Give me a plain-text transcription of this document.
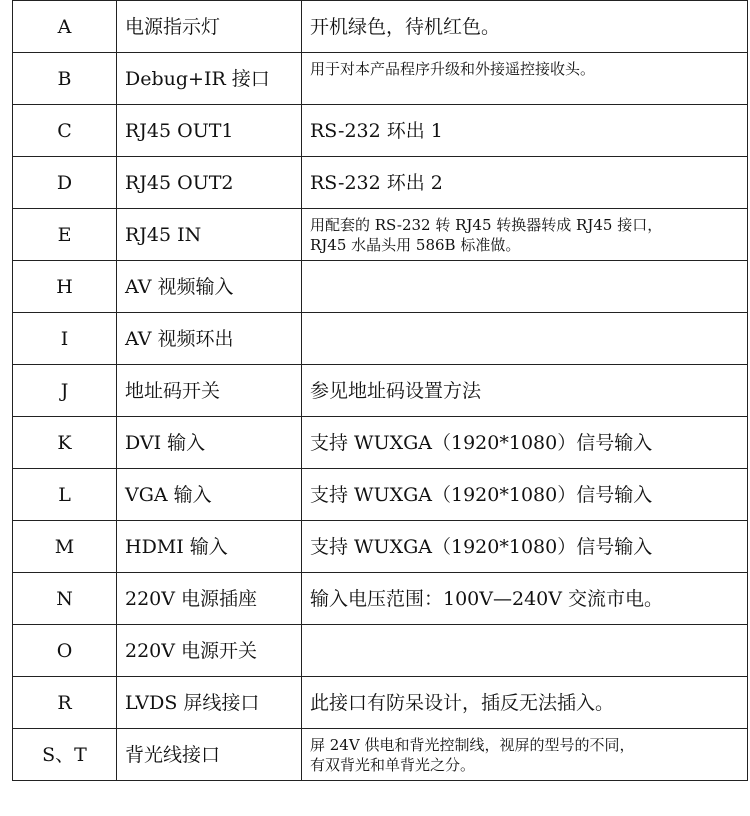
A	电源指示灯	开机绿色，待机红色。

B	Debug+IR 接口	用于对本产品程序升级和外接遥控接收头。

C	RJ45 OUT1	RS-232 环出 1

D	RJ45 OUT2	RS-232 环出 2

E	RJ45 IN	用配套的 RS-232 转 RJ45 转换器转成 RJ45 接口，
RJ45 水晶头用 586B 标准做。

H	AV 视频输入	
I	AV 视频环出	
J	地址码开关	参见地址码设置方法

K	DVI 输入	支持 WUXGA（1920*1080）信号输入

L	VGA 输入	支持 WUXGA（1920*1080）信号输入

M	HDMI 输入	支持 WUXGA（1920*1080）信号输入

N	220V 电源插座	输入电压范围：100V—240V 交流市电。

O	220V 电源开关	
R	LVDS 屏线接口	此接口有防呆设计，插反无法插入。

S、T	背光线接口	屏 24V 供电和背光控制线，视屏的型号的不同，
有双背光和单背光之分。
